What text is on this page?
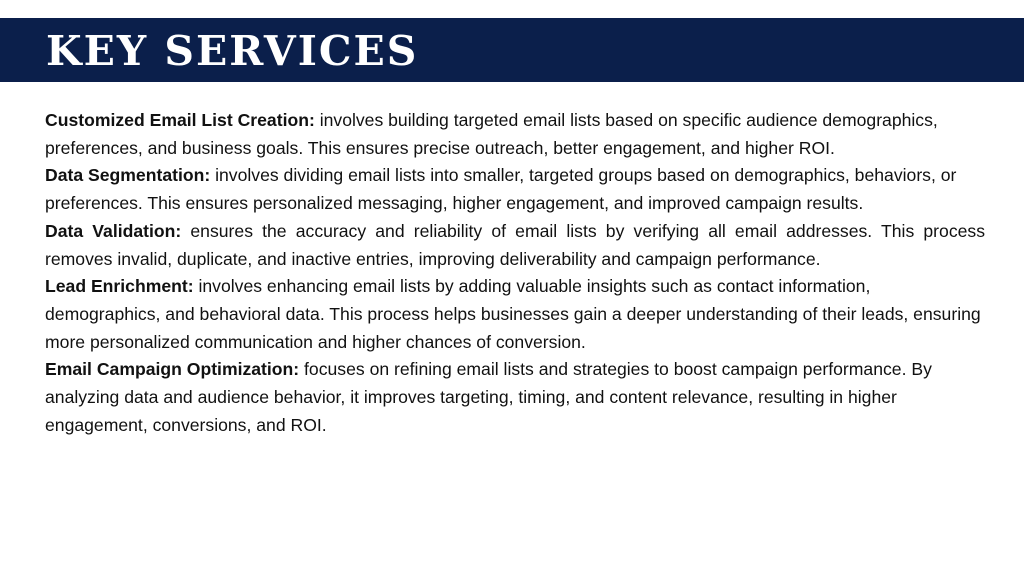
KEY SERVICES

Customized Email List Creation: involves building targeted email lists based on specific audience demographics, preferences, and business goals. This ensures precise outreach, better engagement, and higher ROI.

Data Segmentation: involves dividing email lists into smaller, targeted groups based on demographics, behaviors, or preferences. This ensures personalized messaging, higher engagement, and improved campaign results.

Data Validation: ensures the accuracy and reliability of email lists by verifying all email addresses. This process removes invalid, duplicate, and inactive entries, improving deliverability and campaign performance.

Lead Enrichment: involves enhancing email lists by adding valuable insights such as contact information, demographics, and behavioral data. This process helps businesses gain a deeper understanding of their leads, ensuring more personalized communication and higher chances of conversion.

Email Campaign Optimization: focuses on refining email lists and strategies to boost campaign performance. By analyzing data and audience behavior, it improves targeting, timing, and content relevance, resulting in higher engagement, conversions, and ROI.
